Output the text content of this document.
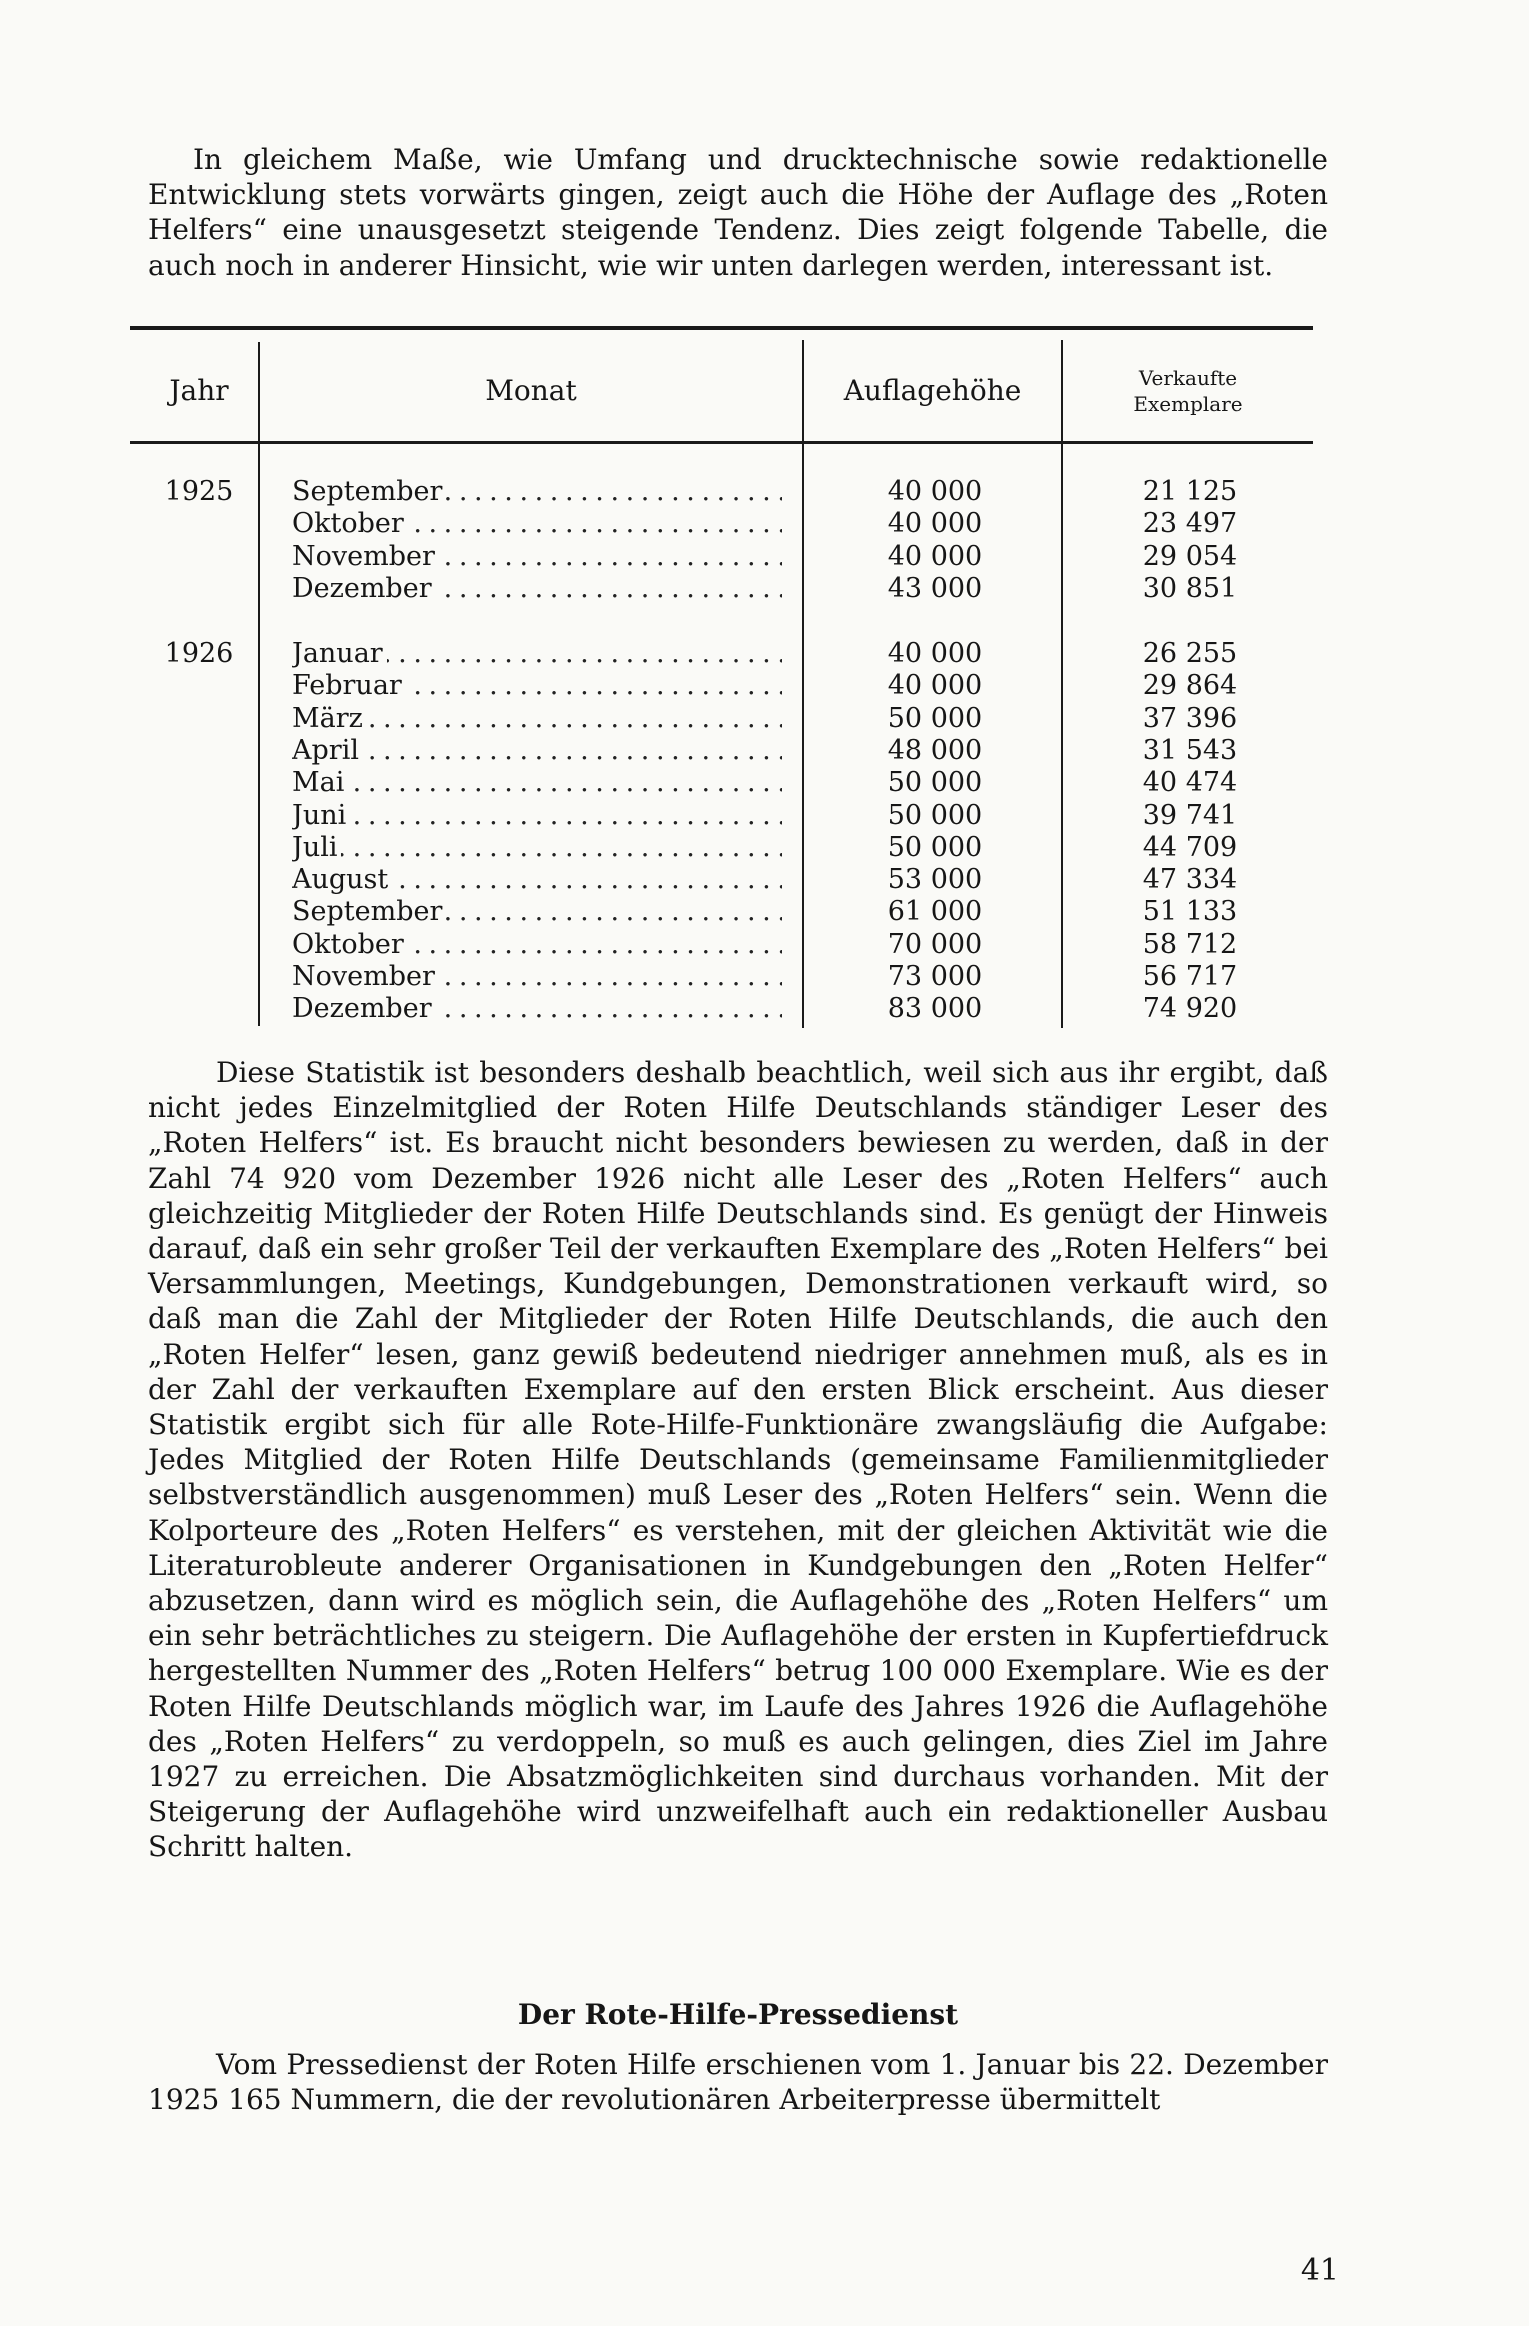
In gleichem Maße, wie Umfang und drucktechnische sowie redaktionelle Entwicklung stets vorwärts gingen, zeigt auch die Höhe der Auflage des „Roten Helfers“ eine unausgesetzt steigende Tendenz. Dies zeigt folgende Tabelle, die auch noch in anderer Hinsicht, wie wir unten darlegen werden, interessant ist.

Jahr	Monat	Auflagehöhe	Verkaufte
Exemplare
1925	September . . .	40 000	21 125
Oktober . . .	40 000	23 497
November . . .	40 000	29 054
Dezember . . .	43 000	30 851
1926	Januar . . .	40 000	26 255
Februar . . .	40 000	29 864
März . . .	50 000	37 396
April . . .	48 000	31 543
Mai . . .	50 000	40 474
Juni . . .	50 000	39 741
Juli . . .	50 000	44 709
August . . .	53 000	47 334
September . . .	61 000	51 133
Oktober . . .	70 000	58 712
November . . .	73 000	56 717
Dezember . . .	83 000	74 920

Diese Statistik ist besonders deshalb beachtlich, weil sich aus ihr ergibt, daß nicht jedes Einzelmitglied der Roten Hilfe Deutschlands ständiger Leser des „Roten Helfers“ ist. Es braucht nicht besonders bewiesen zu werden, daß in der Zahl 74 920 vom Dezember 1926 nicht alle Leser des „Roten Helfers“ auch gleichzeitig Mitglieder der Roten Hilfe Deutschlands sind. Es genügt der Hinweis darauf, daß ein sehr großer Teil der verkauften Exemplare des „Roten Helfers“ bei Versammlungen, Meetings, Kundgebungen, Demonstrationen verkauft wird, so daß man die Zahl der Mitglieder der Roten Hilfe Deutschlands, die auch den „Roten Helfer“ lesen, ganz gewiß bedeutend niedriger annehmen muß, als es in der Zahl der verkauften Exemplare auf den ersten Blick erscheint. Aus dieser Statistik ergibt sich für alle Rote-Hilfe-Funktionäre zwangsläufig die Aufgabe: Jedes Mitglied der Roten Hilfe Deutschlands (gemeinsame Familienmitglieder selbstverständlich ausgenommen) muß Leser des „Roten Helfers“ sein. Wenn die Kolporteure des „Roten Helfers“ es verstehen, mit der gleichen Aktivität wie die Literaturobleute anderer Organisationen in Kundgebungen den „Roten Helfer“ abzusetzen, dann wird es möglich sein, die Auflagehöhe des „Roten Helfers“ um ein sehr beträchtliches zu steigern. Die Auflagehöhe der ersten in Kupfertiefdruck hergestellten Nummer des „Roten Helfers“ betrug 100 000 Exemplare. Wie es der Roten Hilfe Deutschlands möglich war, im Laufe des Jahres 1926 die Auflagehöhe des „Roten Helfers“ zu verdoppeln, so muß es auch gelingen, dies Ziel im Jahre 1927 zu erreichen. Die Absatzmöglichkeiten sind durchaus vorhanden. Mit der Steigerung der Auflagehöhe wird unzweifelhaft auch ein redaktioneller Ausbau Schritt halten.

Der Rote-Hilfe-Pressedienst

Vom Pressedienst der Roten Hilfe erschienen vom 1. Januar bis 22. Dezember 1925 165 Nummern, die der revolutionären Arbeiterpresse übermittelt

41
